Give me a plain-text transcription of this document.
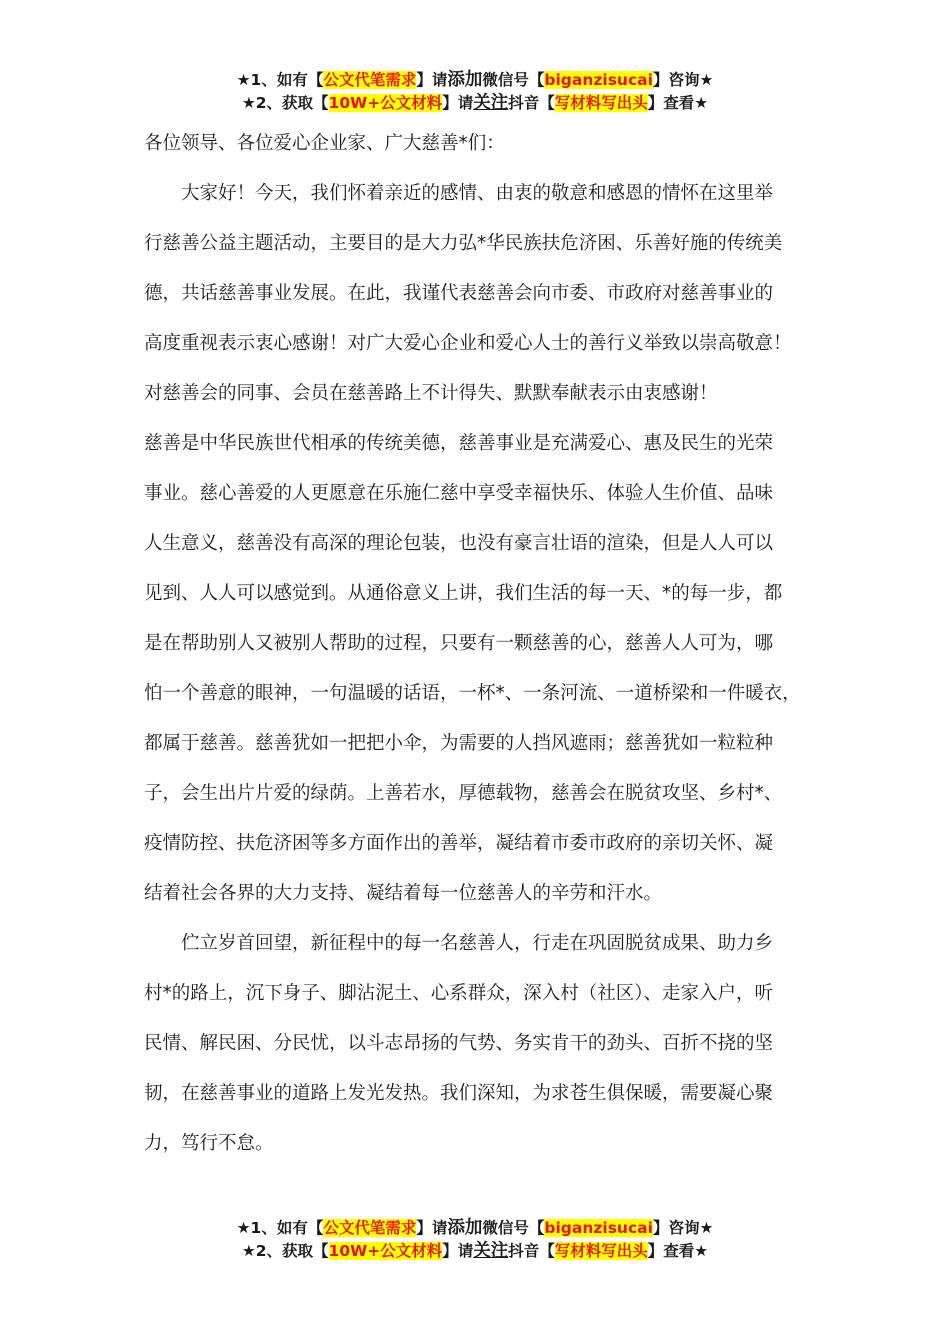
★1、如有【公文代笔需求】请添加微信号【biganzisucai】咨询★
★2、获取【10W+公文材料】请关注抖音【写材料写出头】查看★
各位领导、各位爱心企业家、广大慈善*们：
大家好！今天，我们怀着亲近的感情、由衷的敬意和感恩的情怀在这里举
行慈善公益主题活动，主要目的是大力弘*华民族扶危济困、乐善好施的传统美
德，共话慈善事业发展。在此，我谨代表慈善会向市委、市政府对慈善事业的
高度重视表示衷心感谢！对广大爱心企业和爱心人士的善行义举致以崇高敬意！
对慈善会的同事、会员在慈善路上不计得失、默默奉献表示由衷感谢！
慈善是中华民族世代相承的传统美德，慈善事业是充满爱心、惠及民生的光荣
事业。慈心善爱的人更愿意在乐施仁慈中享受幸福快乐、体验人生价值、品味
人生意义，慈善没有高深的理论包装，也没有豪言壮语的渲染，但是人人可以
见到、人人可以感觉到。从通俗意义上讲，我们生活的每一天、*的每一步，都
是在帮助别人又被别人帮助的过程，只要有一颗慈善的心，慈善人人可为，哪
怕一个善意的眼神，一句温暖的话语，一杯*、一条河流、一道桥梁和一件暖衣，
都属于慈善。慈善犹如一把把小伞，为需要的人挡风遮雨；慈善犹如一粒粒种
子，会生出片片爱的绿荫。上善若水，厚德载物，慈善会在脱贫攻坚、乡村*、
疫情防控、扶危济困等多方面作出的善举，凝结着市委市政府的亲切关怀、凝
结着社会各界的大力支持、凝结着每一位慈善人的辛劳和汗水。
伫立岁首回望，新征程中的每一名慈善人，行走在巩固脱贫成果、助力乡
村*的路上，沉下身子、脚沾泥土、心系群众，深入村（社区）、走家入户，听
民情、解民困、分民忧，以斗志昂扬的气势、务实肯干的劲头、百折不挠的坚
韧，在慈善事业的道路上发光发热。我们深知，为求苍生俱保暖，需要凝心聚
力，笃行不怠。
★1、如有【公文代笔需求】请添加微信号【biganzisucai】咨询★
★2、获取【10W+公文材料】请关注抖音【写材料写出头】查看★
